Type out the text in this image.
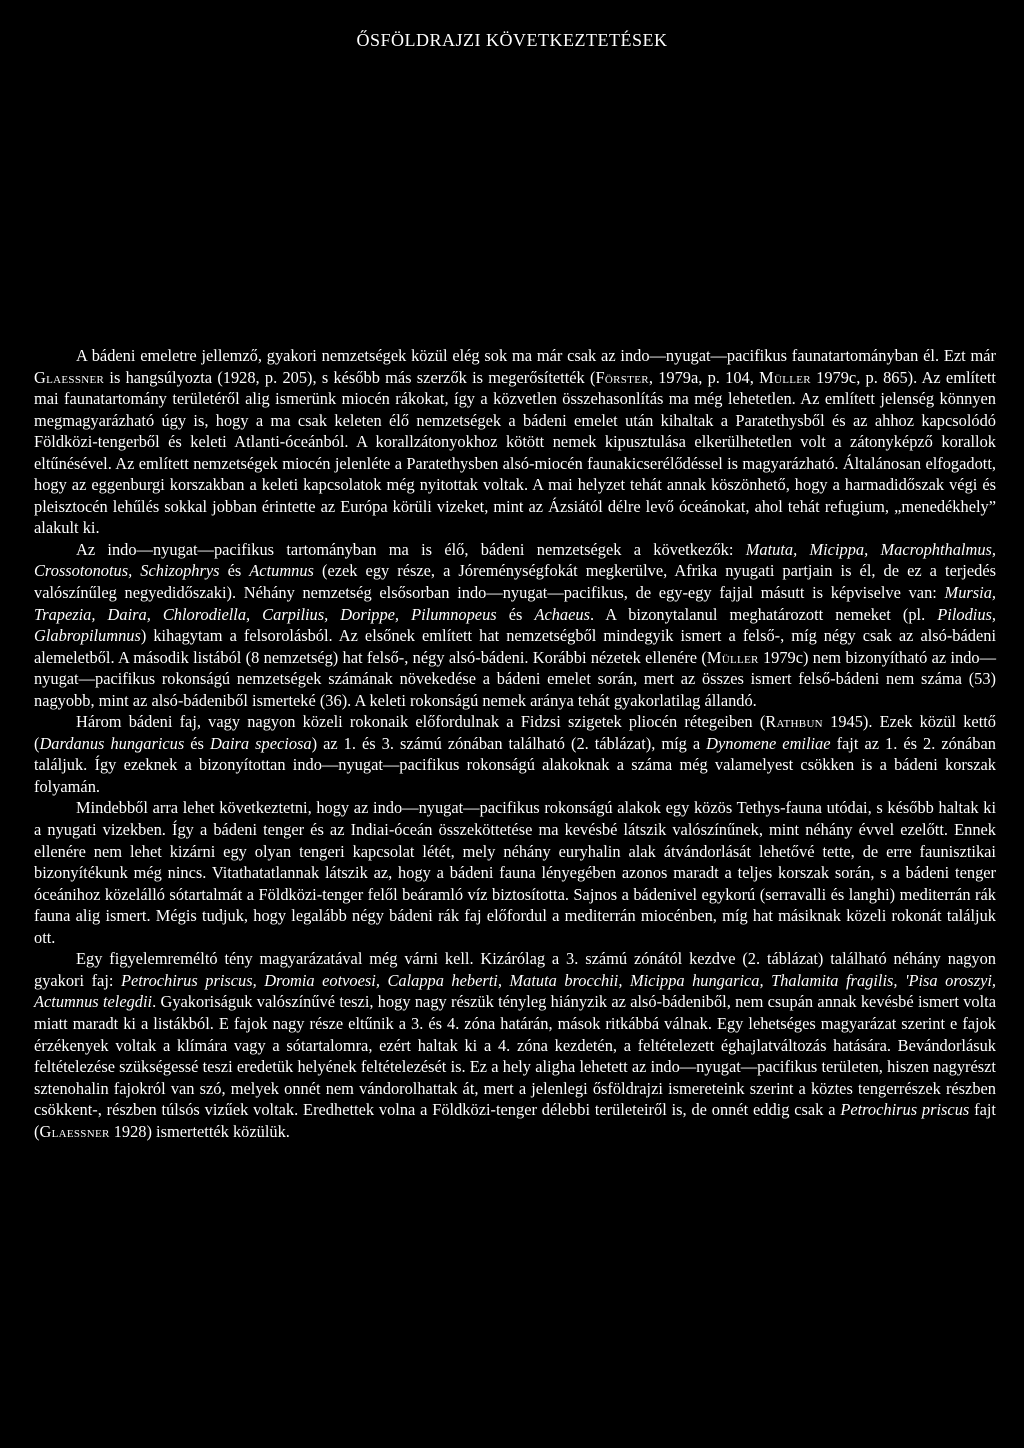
ŐSFÖLDRAJZI KÖVETKEZTETÉSEK

A bádeni emeletre jellemző, gyakori nemzetségek közül elég sok ma már csak az indo—nyugat—pacifikus faunatartományban él. Ezt már Glaessner is hangsúlyozta (1928, p. 205), s később más szerzők is megerősítették (Förster, 1979a, p. 104, Müller 1979c, p. 865). Az említett mai faunatartomány területéről alig ismerünk miocén rákokat, így a közvetlen összehasonlítás ma még lehetetlen. Az említett jelenség könnyen megmagyarázható úgy is, hogy a ma csak keleten élő nemzetségek a bádeni emelet után kihaltak a Paratethysből és az ahhoz kapcsolódó Földközi-tengerből és keleti Atlanti-óceánból. A korallzátonyokhoz kötött nemek kipusztulása elkerülhetetlen volt a zátonyképző korallok eltűnésével. Az említett nemzetségek miocén jelenléte a Paratethysben alsó-miocén faunakicserélődéssel is magyarázható. Általánosan elfogadott, hogy az eggenburgi korszakban a keleti kapcsolatok még nyitottak voltak. A mai helyzet tehát annak köszönhető, hogy a harmadidőszak végi és pleisztocén lehűlés sokkal jobban érintette az Európa körüli vizeket, mint az Ázsiától délre levő óceánokat, ahol tehát refugium, „menedékhely” alakult ki.

Az indo—nyugat—pacifikus tartományban ma is élő, bádeni nemzetségek a következők: Matuta, Micippa, Macrophthalmus, Crossotonotus, Schizophrys és Actumnus (ezek egy része, a Jóreménységfokát megkerülve, Afrika nyugati partjain is él, de ez a terjedés valószínűleg negyedidőszaki). Néhány nemzetség elsősorban indo—nyugat—pacifikus, de egy-egy fajjal másutt is képviselve van: Mursia, Trapezia, Daira, Chlorodiella, Carpilius, Dorippe, Pilumnopeus és Achaeus. A bizonytalanul meghatározott nemeket (pl. Pilodius, Glabropilumnus) kihagytam a felsorolásból. Az elsőnek említett hat nemzetségből mindegyik ismert a felső-, míg négy csak az alsó-bádeni alemeletből. A második listából (8 nemzetség) hat felső-, négy alsó-bádeni. Korábbi nézetek ellenére (Müller 1979c) nem bizonyítható az indo—nyugat—pacifikus rokonságú nemzetségek számának növekedése a bádeni emelet során, mert az összes ismert felső-bádeni nem száma (53) nagyobb, mint az alsó-bádeniből ismerteké (36). A keleti rokonságú nemek aránya tehát gyakorlatilag állandó.

Három bádeni faj, vagy nagyon közeli rokonaik előfordulnak a Fidzsi szigetek pliocén rétegeiben (Rathbun 1945). Ezek közül kettő (Dardanus hungaricus és Daira speciosa) az 1. és 3. számú zónában található (2. táblázat), míg a Dynomene emiliae fajt az 1. és 2. zónában találjuk. Így ezeknek a bizonyítottan indo—nyugat—pacifikus rokonságú alakoknak a száma még valamelyest csökken is a bádeni korszak folyamán.

Mindebből arra lehet következtetni, hogy az indo—nyugat—pacifikus rokonságú alakok egy közös Tethys-fauna utódai, s később haltak ki a nyugati vizekben. Így a bádeni tenger és az Indiai-óceán összeköttetése ma kevésbé látszik valószínűnek, mint néhány évvel ezelőtt. Ennek ellenére nem lehet kizárni egy olyan tengeri kapcsolat létét, mely néhány euryhalin alak átvándorlását lehetővé tette, de erre faunisztikai bizonyítékunk még nincs. Vitathatatlannak látszik az, hogy a bádeni fauna lényegében azonos maradt a teljes korszak során, s a bádeni tenger óceánihoz közelálló sótartalmát a Földközi-tenger felől beáramló víz biztosította. Sajnos a bádenivel egykorú (serravalli és langhi) mediterrán rák fauna alig ismert. Mégis tudjuk, hogy legalább négy bádeni rák faj előfordul a mediterrán miocénben, míg hat másiknak közeli rokonát találjuk ott.

Egy figyelemreméltó tény magyarázatával még várni kell. Kizárólag a 3. számú zónától kezdve (2. táblázat) található néhány nagyon gyakori faj: Petrochirus priscus, Dromia eotvoesi, Calappa heberti, Matuta brocchii, Micippa hungarica, Thalamita fragilis, 'Pisa oroszyi, Actumnus telegdii. Gyakoriságuk valószínűvé teszi, hogy nagy részük tényleg hiányzik az alsó-bádeniből, nem csupán annak kevésbé ismert volta miatt maradt ki a listákból. E fajok nagy része eltűnik a 3. és 4. zóna határán, mások ritkábbá válnak. Egy lehetséges magyarázat szerint e fajok érzékenyek voltak a klímára vagy a sótartalomra, ezért haltak ki a 4. zóna kezdetén, a feltételezett éghajlatváltozás hatására. Bevándorlásuk feltételezése szükségessé teszi eredetük helyének feltételezését is. Ez a hely aligha lehetett az indo—nyugat—pacifikus területen, hiszen nagyrészt sztenohalin fajokról van szó, melyek onnét nem vándorolhattak át, mert a jelenlegi ősföldrajzi ismereteink szerint a köztes tengerrészek részben csökkent-, részben túlsós vizűek voltak. Eredhettek volna a Földközi-tenger délebbi területeiről is, de onnét eddig csak a Petrochirus priscus fajt (Glaessner 1928) ismertették közülük.
